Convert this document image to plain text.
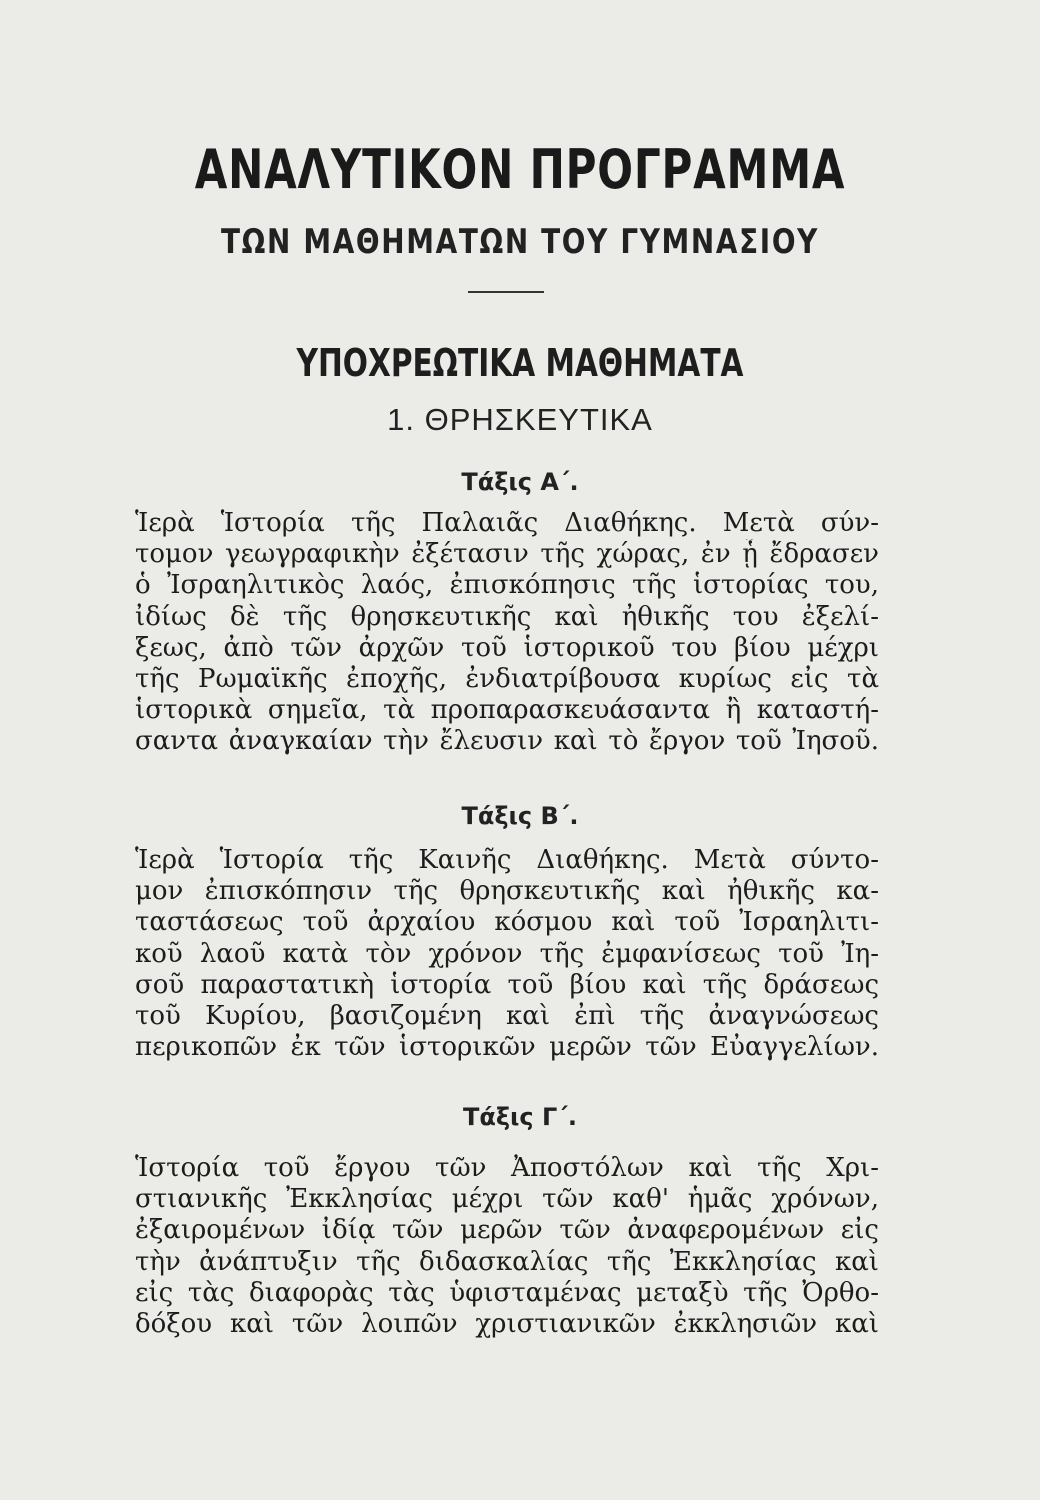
ΑΝΑΛΥΤΙΚΟΝ ΠΡΟΓΡΑΜΜΑ
ΤΩΝ ΜΑΘΗΜΑΤΩΝ ΤΟΥ ΓΥΜΝΑΣΙΟΥ
ΥΠΟΧΡΕΩΤΙΚΑ ΜΑΘΗΜΑΤΑ
1. ΘΡΗΣΚΕΥΤΙΚΑ
Τάξις Α΄.
Ἱερὰ Ἱστορία τῆς Παλαιᾶς Διαθήκης. Μετὰ σύν-
τομον γεωγραφικὴν ἐξέτασιν τῆς χώρας, ἐν ᾗ ἔδρασεν
ὁ Ἰσραηλιτικὸς λαός, ἐπισκόπησις τῆς ἱστορίας του,
ἰδίως δὲ τῆς θρησκευτικῆς καὶ ἠθικῆς του ἐξελί-
ξεως, ἀπὸ τῶν ἀρχῶν τοῦ ἱστορικοῦ του βίου μέχρι
τῆς Ρωμαϊκῆς ἐποχῆς, ἐνδιατρίβουσα κυρίως εἰς τὰ
ἱστορικὰ σημεῖα, τὰ προπαρασκευάσαντα ἢ καταστή-
σαντα ἀναγκαίαν τὴν ἔλευσιν καὶ τὸ ἔργον τοῦ Ἰησοῦ.
Τάξις Β΄.
Ἱερὰ Ἱστορία τῆς Καινῆς Διαθήκης. Μετὰ σύντο-
μον ἐπισκόπησιν τῆς θρησκευτικῆς καὶ ἠθικῆς κα-
ταστάσεως τοῦ ἀρχαίου κόσμου καὶ τοῦ Ἰσραηλιτι-
κοῦ λαοῦ κατὰ τὸν χρόνον τῆς ἐμφανίσεως τοῦ Ἰη-
σοῦ παραστατικὴ ἱστορία τοῦ βίου καὶ τῆς δράσεως
τοῦ Κυρίου, βασιζομένη καὶ ἐπὶ τῆς ἀναγνώσεως
περικοπῶν ἐκ τῶν ἱστορικῶν μερῶν τῶν Εὐαγγελίων.
Τάξις Γ΄.
Ἱστορία τοῦ ἔργου τῶν Ἀποστόλων καὶ τῆς Χρι-
στιανικῆς Ἐκκλησίας μέχρι τῶν καθ' ἡμᾶς χρόνων,
ἐξαιρομένων ἰδίᾳ τῶν μερῶν τῶν ἀναφερομένων εἰς
τὴν ἀνάπτυξιν τῆς διδασκαλίας τῆς Ἐκκλησίας καὶ
εἰς τὰς διαφορὰς τὰς ὑφισταμένας μεταξὺ τῆς Ὀρθο-
δόξου καὶ τῶν λοιπῶν χριστιανικῶν ἐκκλησιῶν καὶ
